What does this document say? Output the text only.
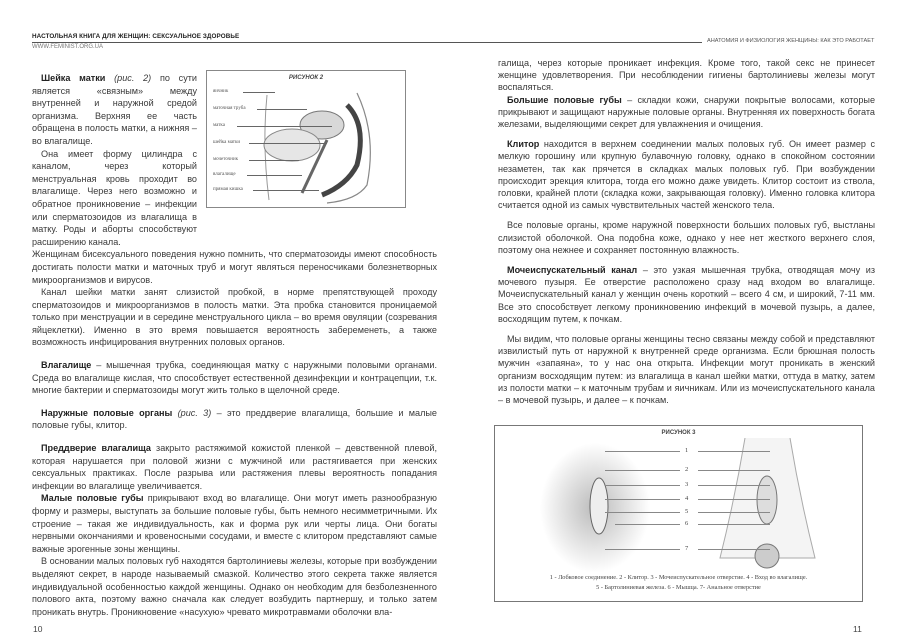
НАСТОЛЬНАЯ КНИГА ДЛЯ ЖЕНЩИН: СЕКСУАЛЬНОЕ ЗДОРОВЬЕ
WWW.FEMINIST.ORG.UA
АНАТОМИЯ И ФИЗИОЛОГИЯ ЖЕНЩИНЫ: КАК ЭТО РАБОТАЕТ
РИСУНОК 2
яичник
маточная труба
матка
шейка матки
мочеточник
влагалище
прямая кишка

Шейка матки (рис. 2) по сути является «связным» между внутренней и наружной средой организма. Верхняя ее часть обращена в полость матки, а нижняя – во влагалище.

Она имеет форму цилиндра с каналом, через который менструальная кровь проходит во влагалище. Через него возможно и обратное проникновение – инфекции или сперматозоидов из влагалища в матку. Роды и аборты способствуют расширению канала.

Женщинам бисексуального поведения нужно помнить, что сперматозоиды имеют способность достигать полости матки и маточных труб и могут являться переносчиками болезнетворных микроорганизмов и вирусов.

Канал шейки матки занят слизистой пробкой, в норме препятствующей проходу сперматозоидов и микроорганизмов в полость матки. Эта пробка становится проницаемой только при менструации и в середине менструального цикла – во время овуляции (созревания яйцеклетки). Именно в это время повышается вероятность забеременеть, а также возможность инфицирования внутренних половых органов.

Влагалище – мышечная трубка, соединяющая матку с наружными половыми органами. Среда во влагалище кислая, что способствует естественной дезинфекции и контрацепции, т.к. многие бактерии и сперматозоиды могут жить только в щелочной среде.

Наружные половые органы (рис. 3) – это преддверие влагалища, большие и малые половые губы, клитор.

Преддверие влагалища закрыто растяжимой кожистой пленкой – девственной плевой, которая нарушается при половой жизни с мужчиной или растягивается при женских сексуальных практиках. После разрыва или растяжения плевы вероятность попадания инфекции во влагалище увеличивается.

Малые половые губы прикрывают вход во влагалище. Они могут иметь разнообразную форму и размеры, выступать за большие половые губы, быть немного несимметричными. Их строение – такая же индивидуальность, как и форма рук или черты лица. Они богаты нервными окончаниями и кровеносными сосудами, и вместе с клитором представляют самые важные эрогенные зоны женщины.

В основании малых половых губ находятся бартолиниевы железы, которые при возбуждении выделяют секрет, в народе называемый смазкой. Количество этого секрета также является индивидуальной особенностью каждой женщины. Однако он необходим для безболезненного полового акта, поэтому важно сначала как следует возбудить партнершу, и только затем проникать внутрь. Проникновение «насухую» чревато микротравмами оболочки вла-

галища, через которые проникает инфекция. Кроме того, такой секс не принесет женщине удовлетворения. При несоблюдении гигиены бартолиниевы железы могут воспаляться.

Большие половые губы – складки кожи, снаружи покрытые волосами, которые прикрывают и защищают наружные половые органы. Внутренняя их поверхность богата железами, выделяющими секрет для увлажнения и очищения.

Клитор находится в верхнем соединении малых половых губ. Он имеет размер с мелкую горошину или крупную булавочную головку, однако в спокойном состоянии незаметен, так как прячется в складках малых половых губ. При возбуждении происходит эрекция клитора, тогда его можно даже увидеть. Клитор состоит из ствола, головки, крайней плоти (складка кожи, закрывающая головку). Именно головка клитора считается одной из самых чувствительных частей женского тела.

Все половые органы, кроме наружной поверхности больших половых губ, выстланы слизистой оболочкой. Она подобна коже, однако у нее нет жесткого верхнего слоя, поэтому она нежнее и сохраняет постоянную влажность.

Мочеиспускательный канал – это узкая мышечная трубка, отводящая мочу из мочевого пузыря. Ее отверстие расположено сразу над входом во влагалище. Мочеиспускательный канал у женщин очень короткий – всего 4 см, и широкий, 7-11 мм. Все это способствует легкому проникновению инфекций в мочевой пузырь, а далее, восходящим путем, к почкам.

Мы видим, что половые органы женщины тесно связаны между собой и представляют извилистый путь от наружной к внутренней среде организма. Если брюшная полость мужчин «запаяна», то у нас она открыта. Инфекции могут проникать в женский организм восходящим путем: из влагалища в канал шейки матки, оттуда в матку, затем из полости матки – к маточным трубам и яичникам. Или из мочеиспускательного канала – в мочевой пузырь, и далее – к почкам.

РИСУНОК 3
1
2
3
4
5
6
7
1 - Лобковое соединение. 2 - Клитор. 3 - Мочеиспускательное отверстие. 4 - Вход во влагалище.
5 - Бартолиниевая железа. 6 - Мышца. 7- Анальное отверстие
10	11
